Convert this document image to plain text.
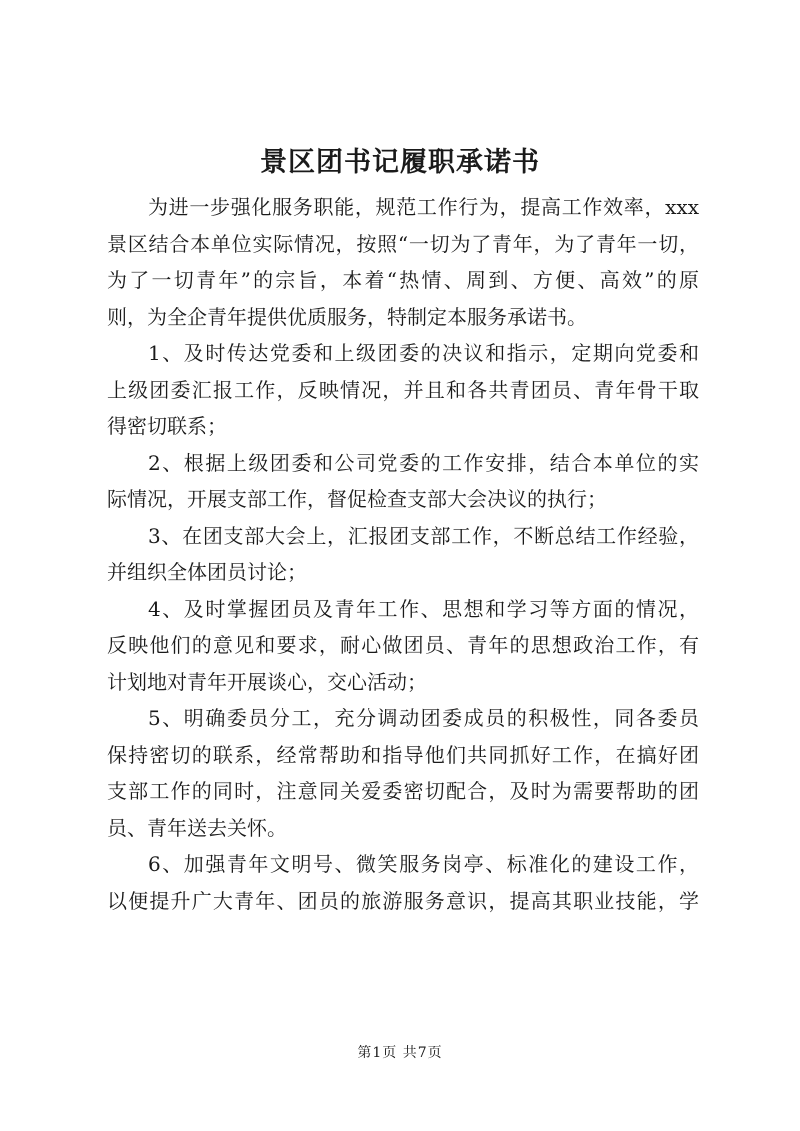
景区团书记履职承诺书
为进一步强化服务职能，规范工作行为，提高工作效率，xxx
景区结合本单位实际情况，按照“一切为了青年，为了青年一切，
为了一切青年”的宗旨，本着“热情、周到、方便、高效”的原
则，为全企青年提供优质服务，特制定本服务承诺书。
1、及时传达党委和上级团委的决议和指示，定期向党委和
上级团委汇报工作，反映情况，并且和各共青团员、青年骨干取
得密切联系；
2、根据上级团委和公司党委的工作安排，结合本单位的实
际情况，开展支部工作，督促检查支部大会决议的执行；
3、在团支部大会上，汇报团支部工作，不断总结工作经验，
并组织全体团员讨论；
4、及时掌握团员及青年工作、思想和学习等方面的情况，
反映他们的意见和要求，耐心做团员、青年的思想政治工作，有
计划地对青年开展谈心，交心活动；
5、明确委员分工，充分调动团委成员的积极性，同各委员
保持密切的联系，经常帮助和指导他们共同抓好工作，在搞好团
支部工作的同时，注意同关爱委密切配合，及时为需要帮助的团
员、青年送去关怀。
6、加强青年文明号、微笑服务岗亭、标准化的建设工作，
以便提升广大青年、团员的旅游服务意识，提高其职业技能，学
第1页 共7页
